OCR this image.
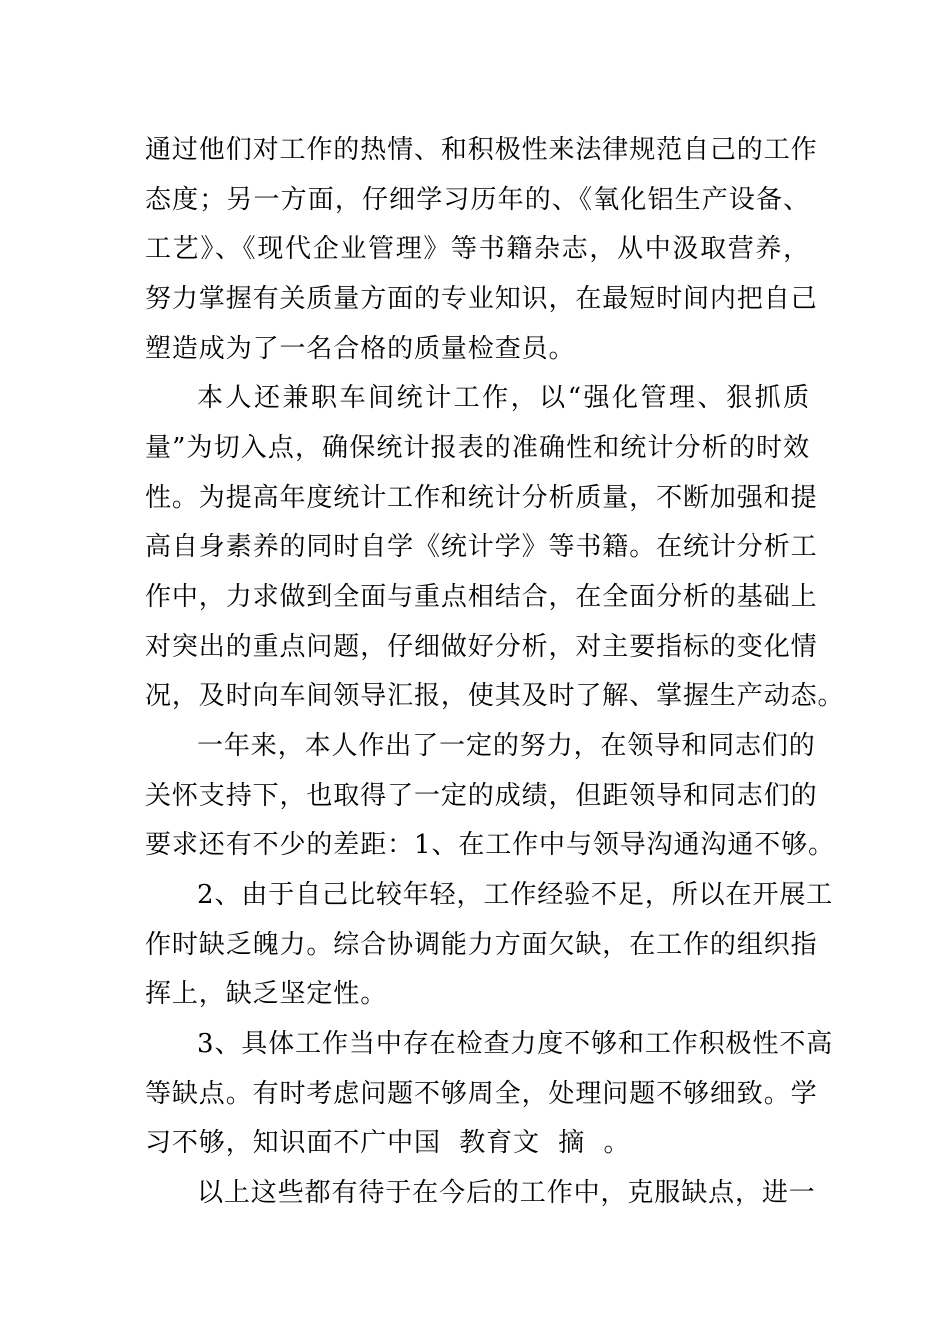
通过他们对工作的热情、和积极性来法律规范自己的工作
态度；另一方面，仔细学习历年的、《氧化铝生产设备、
工艺》、《现代企业管理》等书籍杂志，从中汲取营养，
努力掌握有关质量方面的专业知识，在最短时间内把自己
塑造成为了一名合格的质量检查员。
本人还兼职车间统计工作，以“强化管理、狠抓质
量”为切入点，确保统计报表的准确性和统计分析的时效
性。为提高年度统计工作和统计分析质量，不断加强和提
高自身素养的同时自学《统计学》等书籍。在统计分析工
作中，力求做到全面与重点相结合，在全面分析的基础上
对突出的重点问题，仔细做好分析，对主要指标的变化情
况，及时向车间领导汇报，使其及时了解、掌握生产动态。
一年来，本人作出了一定的努力，在领导和同志们的
关怀支持下，也取得了一定的成绩，但距领导和同志们的
要求还有不少的差距：1、在工作中与领导沟通沟通不够。
2、由于自己比较年轻，工作经验不足，所以在开展工
作时缺乏魄力。综合协调能力方面欠缺，在工作的组织指
挥上，缺乏坚定性。
3、具体工作当中存在检查力度不够和工作积极性不高
等缺点。有时考虑问题不够周全，处理问题不够细致。学
习不够，知识面不广中国  教育文  摘  。
以上这些都有待于在今后的工作中，克服缺点，进一
